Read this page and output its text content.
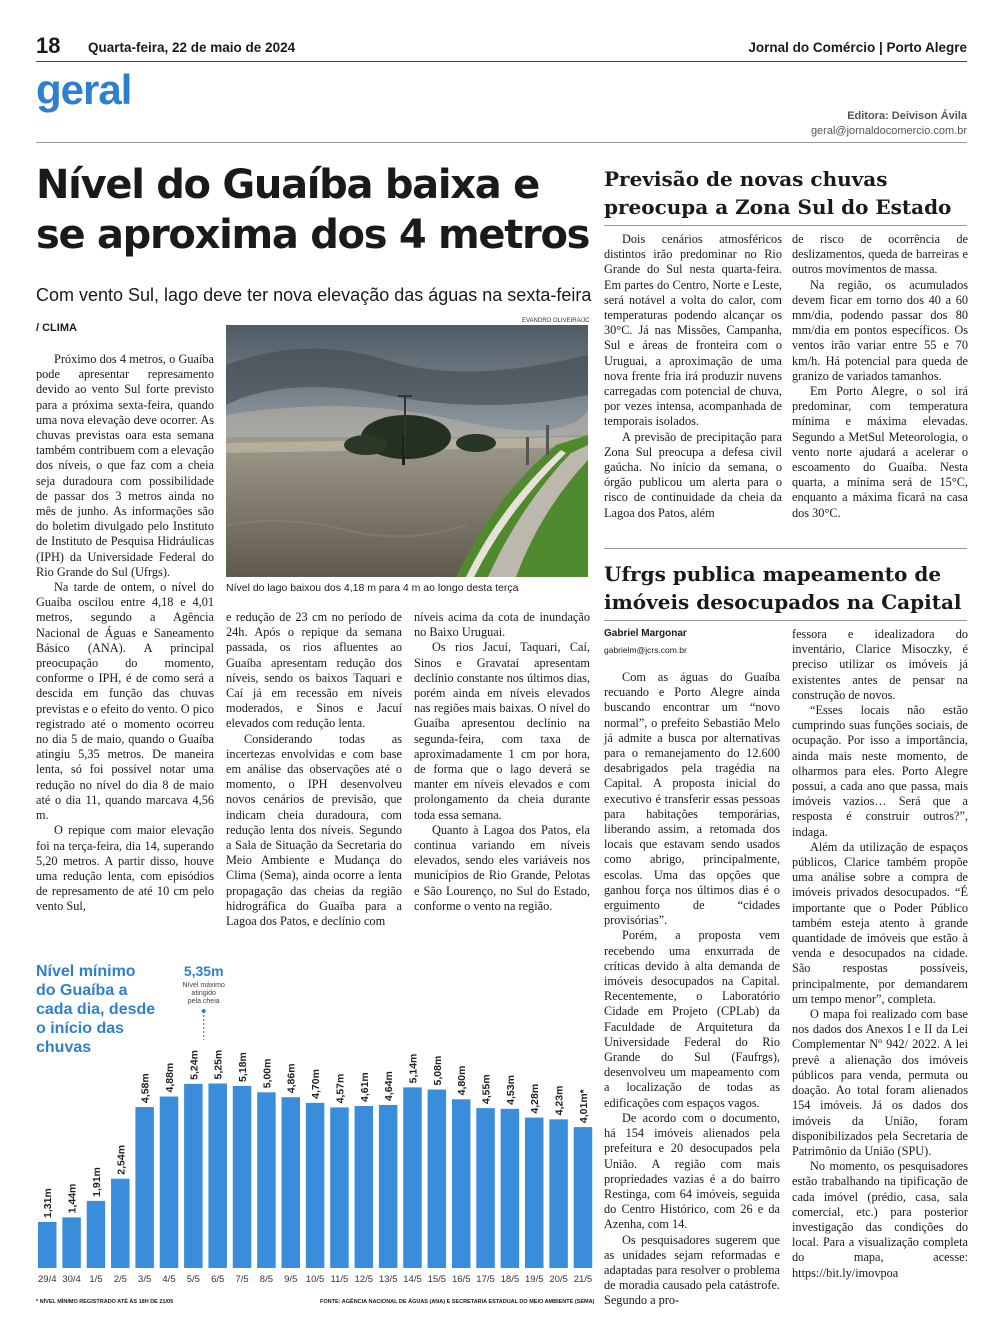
18 Quarta-feira, 22 de maio de 2024	Jornal do Comércio | Porto Alegre
geral
Editora: Deivison Ávila
geral@jornaldocomercio.com.br
Nível do Guaíba baixa e se aproxima dos 4 metros
Com vento Sul, lago deve ter nova elevação das águas na sexta-feira
/ CLIMA
EVANDRO OLIVEIRA/JC
Nível do lago baixou dos 4,18 m para 4 m ao longo desta terça

Próximo dos 4 metros, o Guaíba pode apresentar represamento devido ao vento Sul forte previsto para a próxima sexta-feira, quando uma nova elevação deve ocorrer. As chuvas previstas oara esta semana também contribuem com a elevação dos níveis, o que faz com a cheia seja duradoura com possibilidade de passar dos 3 metros ainda no mês de junho. As informações são do boletim divulgado pelo Instituto de Instituto de Pesquisa Hidráulicas (IPH) da Universidade Federal do Rio Grande do Sul (Ufrgs).

Na tarde de ontem, o nível do Guaíba oscilou entre 4,18 e 4,01 metros, segundo a Agência Nacional de Águas e Saneamento Básico (ANA). A principal preocupação do momento, conforme o IPH, é de como será a descida em função das chuvas previstas e o efeito do vento. O pico registrado até o momento ocorreu no dia 5 de maio, quando o Guaíba atingiu 5,35 metros. De maneira lenta, só foi possível notar uma redução no nível do dia 8 de maio até o dia 11, quando marcava 4,56 m.

O repique com maior elevação foi na terça-feira, dia 14, superando 5,20 metros. A partir disso, houve uma redução lenta, com episódios de represamento de até 10 cm pelo vento Sul,

e redução de 23 cm no período de 24h. Após o repique da semana passada, os rios afluentes ao Guaíba apresentam redução dos níveis, sendo os baixos Taquari e Caí já em recessão em níveis moderados, e Sinos e Jacuí elevados com redução lenta.

Considerando todas as incertezas envolvidas e com base em análise das observações até o momento, o IPH desenvolveu novos cenários de previsão, que indicam cheia duradoura, com redução lenta dos níveis. Segundo a Sala de Situação da Secretaria do Meio Ambiente e Mudança do Clima (Sema), ainda ocorre a lenta propagação das cheias da região hidrográfica do Guaíba para a Lagoa dos Patos, e declínio com

níveis acima da cota de inundação no Baixo Uruguai.

Os rios Jacuí, Taquari, Caí, Sinos e Gravataí apresentam declínio constante nos últimos dias, porém ainda em níveis elevados nas regiões mais baixas. O nível do Guaíba apresentou declínio na segunda-feira, com taxa de aproximadamente 1 cm por hora, de forma que o lago deverá se manter em níveis elevados e com prolongamento da cheia durante toda essa semana.

Quanto à Lagoa dos Patos, ela continua variando em níveis elevados, sendo eles variáveis nos municípios de Rio Grande, Pelotas e São Lourenço, no Sul do Estado, conforme o vento na região.

Nível mínimo do Guaíba a cada dia, desde o início das chuvas
1,31m
29/4
1,44m
30/4
1,91m
1/5
2,54m
2/5
4,58m
3/5
4,88m
4/5
5,24m
5/5
5,25m
6/5
5,18m
7/5
5,00m
8/5
4,86m
9/5
4,70m
10/5
4,57m
11/5
4,61m
12/5
4,64m
13/5
5,14m
14/5
5,08m
15/5
4,80m
16/5
4,55m
17/5
4,53m
18/5
4,28m
19/5
4,23m
20/5
4,01m*
21/5
5,35m
Nível máximo
atingido
pela cheia
* NÍVEL MÍNIMO REGISTRADO ATÉ ÀS 18H DE 21/05	FONTE: AGÊNCIA NACIONAL DE ÁGUAS (ANA) E SECRETARIA ESTADUAL DO MEIO AMBIENTE (SEMA)
Previsão de novas chuvas preocupa a Zona Sul do Estado

Dois cenários atmosféricos distintos irão predominar no Rio Grande do Sul nesta quarta-feira. Em partes do Centro, Norte e Leste, será notável a volta do calor, com temperaturas podendo alcançar os 30°C. Já nas Missões, Campanha, Sul e áreas de fronteira com o Uruguai, a aproximação de uma nova frente fria irá produzir nuvens carregadas com potencial de chuva, por vezes intensa, acompanhada de temporais isolados.

A previsão de precipitação para Zona Sul preocupa a defesa civil gaúcha. No início da semana, o órgão publicou um alerta para o risco de continuidade da cheia da Lagoa dos Patos, além

de risco de ocorrência de deslizamentos, queda de barreiras e outros movimentos de massa.

Na região, os acumulados devem ficar em torno dos 40 a 60 mm/dia, podendo passar dos 80 mm/dia em pontos específicos. Os ventos irão variar entre 55 e 70 km/h. Há potencial para queda de granizo de variados tamanhos.

Em Porto Alegre, o sol irá predominar, com temperatura mínima e máxima elevadas. Segundo a MetSul Meteorologia, o vento norte ajudará a acelerar o escoamento do Guaíba. Nesta quarta, a mínima será de 15°C, enquanto a máxima ficará na casa dos 30°C.

Ufrgs publica mapeamento de imóveis desocupados na Capital
Gabriel Margonar
gabrielm@jcrs.com.br

Com as águas do Guaíba recuando e Porto Alegre ainda buscando encontrar um “novo normal”, o prefeito Sebastião Melo já admite a busca por alternativas para o remanejamento do 12.600 desabrigados pela tragédia na Capital. A proposta inicial do executivo é transferir essas pessoas para habitações temporárias, liberando assim, a retomada dos locais que estavam sendo usados como abrigo, principalmente, escolas. Uma das opções que ganhou força nos últimos dias é o erguimento de “cidades provisórias”.

Porém, a proposta vem recebendo uma enxurrada de críticas devido à alta demanda de imóveis desocupados na Capital. Recentemente, o Laboratório Cidade em Projeto (CPLab) da Faculdade de Arquitetura da Universidade Federal do Rio Grande do Sul (Faufrgs), desenvolveu um mapeamento com a localização de todas as edificações com espaços vagos.

De acordo com o documento, há 154 imóveis alienados pela prefeitura e 20 desocupados pela União. A região com mais propriedades vazias é a do bairro Restinga, com 64 imóveis, seguida do Centro Histórico, com 26 e da Azenha, com 14.

Os pesquisadores sugerem que as unidades sejam reformadas e adaptadas para resolver o problema de moradia causado pela catástrofe. Segundo a pro-

fessora e idealizadora do inventário, Clarice Misoczky, é preciso utilizar os imóveis já existentes antes de pensar na construção de novos.

“Esses locais não estão cumprindo suas funções sociais, de ocupação. Por isso a importância, ainda mais neste momento, de olharmos para eles. Porto Alegre possui, a cada ano que passa, mais imóveis vazios… Será que a resposta é construir outros?”, indaga.

Além da utilização de espaços públicos, Clarice também propõe uma análise sobre a compra de imóveis privados desocupados. “É importante que o Poder Público também esteja atento à grande quantidade de imóveis que estão à venda e desocupados na cidade. São respostas possíveis, principalmente, por demandarem um tempo menor”, completa.

O mapa foi realizado com base nos dados dos Anexos I e II da Lei Complementar Nº 942/ 2022. A lei prevê a alienação dos imóveis públicos para venda, permuta ou doação. Ao total foram alienados 154 imóveis. Já os dados dos imóveis da União, foram disponibilizados pela Secretaria de Patrimônio da União (SPU).

No momento, os pesquisadores estão trabalhando na tipificação de cada imóvel (prédio, casa, sala comercial, etc.) para posterior investigação das condições do local. Para a visualização completa do mapa, acesse: https://bit.ly/imovpoa
